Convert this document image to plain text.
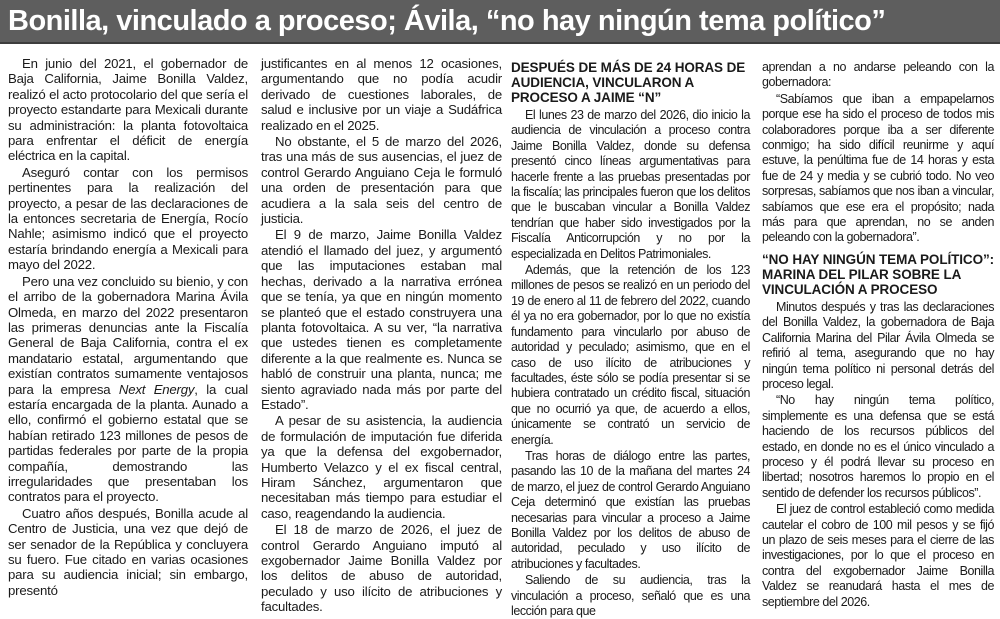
Bonilla, vinculado a proceso; Ávila, “no hay ningún tema político”

En junio del 2021, el gobernador de Baja California, Jaime Bonilla Valdez, realizó el acto protocolario del que sería el proyecto estandarte para Mexicali durante su administración: la planta fotovoltaica para enfrentar el déficit de energía eléctrica en la capital.

Aseguró contar con los permisos pertinentes para la realización del proyecto, a pesar de las declaraciones de la entonces secretaria de Energía, Rocío Nahle; asimismo indicó que el proyecto estaría brindando energía a Mexicali para mayo del 2022.

Pero una vez concluido su bienio, y con el arribo de la gobernadora Marina Ávila Olmeda, en marzo del 2022 presentaron las primeras denuncias ante la Fiscalía General de Baja California, contra el ex mandatario estatal, argumentando que existían contratos sumamente ventajosos para la empresa Next Energy, la cual estaría encargada de la planta. Aunado a ello, confirmó el gobierno estatal que se habían retirado 123 millones de pesos de partidas federales por parte de la propia compañía, demostrando las irregularidades que presentaban los contratos para el proyecto.

Cuatro años después, Bonilla acude al Centro de Justicia, una vez que dejó de ser senador de la República y concluyera su fuero. Fue citado en varias ocasiones para su audiencia inicial; sin embargo, presentó

justificantes en al menos 12 ocasiones, argumentando que no podía acudir derivado de cuestiones laborales, de salud e inclusive por un viaje a Sudáfrica realizado en el 2025.

No obstante, el 5 de marzo del 2026, tras una más de sus ausencias, el juez de control Gerardo Anguiano Ceja le formuló una orden de presentación para que acudiera a la sala seis del centro de justicia.

El 9 de marzo, Jaime Bonilla Valdez atendió el llamado del juez, y argumentó que las imputaciones estaban mal hechas, derivado a la narrativa errónea que se tenía, ya que en ningún momento se planteó que el estado construyera una planta fotovoltaica. A su ver, “la narrativa que ustedes tienen es completamente diferente a la que realmente es. Nunca se habló de construir una planta, nunca; me siento agraviado nada más por parte del Estado”.

A pesar de su asistencia, la audiencia de formulación de imputación fue diferida ya que la defensa del exgobernador, Humberto Velazco y el ex fiscal central, Hiram Sánchez, argumentaron que necesitaban más tiempo para estudiar el caso, reagendando la audiencia.

El 18 de marzo de 2026, el juez de control Gerardo Anguiano imputó al exgobernador Jaime Bonilla Valdez por los delitos de abuso de autoridad, peculado y uso ilícito de atribuciones y facultades.

DESPUÉS DE MÁS DE 24 HORAS DE AUDIENCIA, VINCULARON A PROCESO A JAIME “N”

El lunes 23 de marzo del 2026, dio inicio la audiencia de vinculación a proceso contra Jaime Bonilla Valdez, donde su defensa presentó cinco líneas argumentativas para hacerle frente a las pruebas presentadas por la fiscalía; las principales fueron que los delitos que le buscaban vincular a Bonilla Valdez tendrían que haber sido investigados por la Fiscalía Anticorrupción y no por la especializada en Delitos Patrimoniales.

Además, que la retención de los 123 millones de pesos se realizó en un periodo del 19 de enero al 11 de febrero del 2022, cuando él ya no era gobernador, por lo que no existía fundamento para vincularlo por abuso de autoridad y peculado; asimismo, que en el caso de uso ilícito de atribuciones y facultades, éste sólo se podía presentar si se hubiera contratado un crédito fiscal, situación que no ocurrió ya que, de acuerdo a ellos, únicamente se contrató un servicio de energía.

Tras horas de diálogo entre las partes, pasando las 10 de la mañana del martes 24 de marzo, el juez de control Gerardo Anguiano Ceja determinó que existían las pruebas necesarias para vincular a proceso a Jaime Bonilla Valdez por los delitos de abuso de autoridad, peculado y uso ilícito de atribuciones y facultades.

Saliendo de su audiencia, tras la vinculación a proceso, señaló que es una lección para que

aprendan a no andarse peleando con la gobernadora:

“Sabíamos que iban a empapelarnos porque ese ha sido el proceso de todos mis colaboradores porque iba a ser diferente conmigo; ha sido difícil reunirme y aquí estuve, la penúltima fue de 14 horas y esta fue de 24 y media y se cubrió todo. No veo sorpresas, sabíamos que nos iban a vincular, sabíamos que ese era el propósito; nada más para que aprendan, no se anden peleando con la gobernadora”.

“NO HAY NINGÚN TEMA POLÍTICO”: MARINA DEL PILAR SOBRE LA VINCULACIÓN A PROCESO

Minutos después y tras las declaraciones del Bonilla Valdez, la gobernadora de Baja California Marina del Pilar Ávila Olmeda se refirió al tema, asegurando que no hay ningún tema político ni personal detrás del proceso legal.

“No hay ningún tema político, simplemente es una defensa que se está haciendo de los recursos públicos del estado, en donde no es el único vinculado a proceso y él podrá llevar su proceso en libertad; nosotros haremos lo propio en el sentido de defender los recursos públicos”.

El juez de control estableció como medida cautelar el cobro de 100 mil pesos y se fijó un plazo de seis meses para el cierre de las investigaciones, por lo que el proceso en contra del exgobernador Jaime Bonilla Valdez se reanudará hasta el mes de septiembre del 2026.
